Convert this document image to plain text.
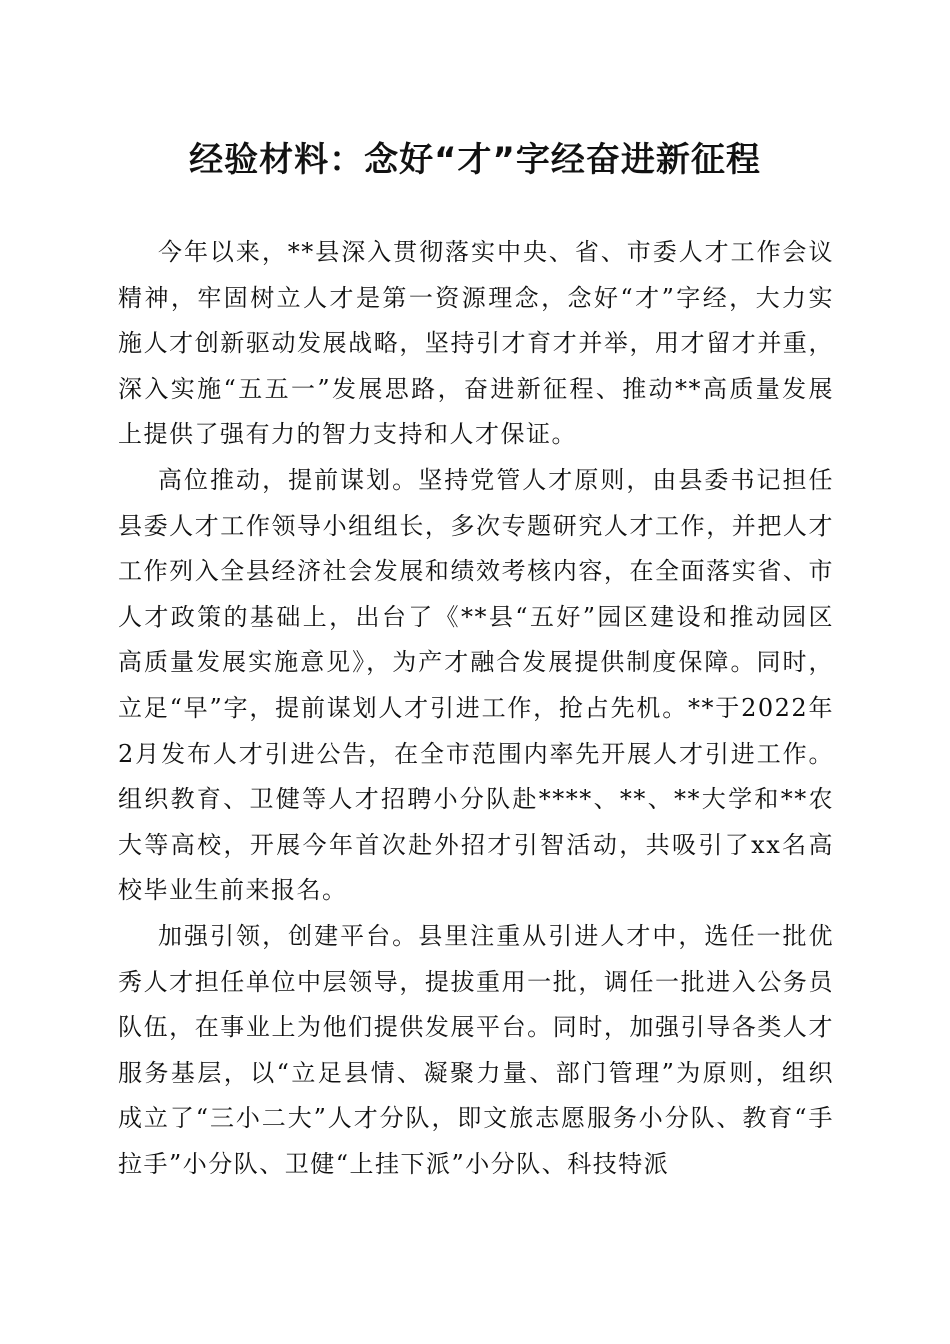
经验材料：念好“才”字经奋进新征程

今年以来，**县深入贯彻落实中央、省、市委人才工作会议精神，牢固树立人才是第一资源理念，念好“才”字经，大力实施人才创新驱动发展战略，坚持引才育才并举，用才留才并重，深入实施“五五一”发展思路，奋进新征程、推动**高质量发展上提供了强有力的智力支持和人才保证。

高位推动，提前谋划。坚持党管人才原则，由县委书记担任县委人才工作领导小组组长，多次专题研究人才工作，并把人才工作列入全县经济社会发展和绩效考核内容，在全面落实省、市人才政策的基础上，出台了《**县“五好”园区建设和推动园区高质量发展实施意见》，为产才融合发展提供制度保障。同时，立足“早”字，提前谋划人才引进工作，抢占先机。**于2022年2月发布人才引进公告，在全市范围内率先开展人才引进工作。组织教育、卫健等人才招聘小分队赴****、**、**大学和**农大等高校，开展今年首次赴外招才引智活动，共吸引了xx名高校毕业生前来报名。

加强引领，创建平台。县里注重从引进人才中，选任一批优秀人才担任单位中层领导，提拔重用一批，调任一批进入公务员队伍，在事业上为他们提供发展平台。同时，加强引导各类人才服务基层，以“立足县情、凝聚力量、部门管理”为原则，组织成立了“三小二大”人才分队，即文旅志愿服务小分队、教育“手拉手”小分队、卫健“上挂下派”小分队、科技特派
